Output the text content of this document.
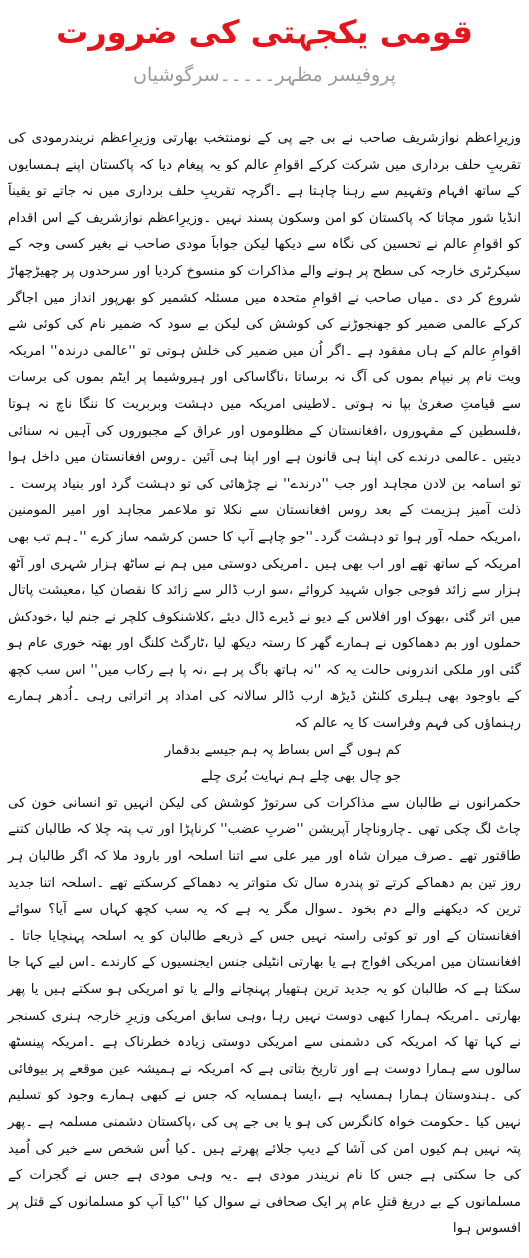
قومی یکجہتی کی ضرورت
پروفیسر مظہر۔۔۔۔۔سرگوشیاں

وزیرِاعظم نوازشریف صاحب نے بی جے پی کے نومنتخب بھارتی وزیرِاعظم نریندرمودی کی تقریبِ حلف برداری میں شرکت کرکے اقوامِ عالم کو یہ پیغام دیا کہ پاکستان اپنے ہمسایوں کے ساتھ افہام وتفہیم سے رہنا چاہتا ہے ۔اگرچہ تقریبِ حلف برداری میں نہ جاتے تو یقیناََ انڈیا شور مچاتا کہ پاکستان کو امن وسکون پسند نہیں ۔وزیرِاعظم نوازشریف کے اس اقدام کو اقوامِ عالم نے تحسین کی نگاہ سے دیکھا لیکن جواباََ مودی صاحب نے بغیر کسی وجہ کے سیکرٹری خارجہ کی سطح پر ہونے والے مذاکرات کو منسوخ کردیا اور سرحدوں پر چھیڑچھاڑ شروع کر دی ۔میاں صاحب نے اقوامِ متحدہ میں مسئلہ کشمیر کو بھرپور انداز میں اجاگر کرکے عالمی ضمیر کو جھنجوڑنے کی کوشش کی لیکن بے سود کہ ضمیر نام کی کوئی شے اقوامِ عالم کے ہاں مفقود ہے ۔اگر اُن میں ضمیر کی خلش ہوتی تو ''عالمی درندہ'' امریکہ ویت نام پر نیپام بموں کی آگ نہ برساتا ،ناگاساکی اور ہیروشیما پر ایٹم بموں کی برسات سے قیامتِ صغریٰ بپا نہ ہوتی ۔لاطینی امریکہ میں دہشت وبربریت کا ننگا ناچ نہ ہوتا ،فلسطین کے مقہوروں ،افغانستان کے مظلوموں اور عراق کے مجبوروں کی آہیں نہ سنائی دیتیں ۔عالمی درندے کی اپنا ہی قانون ہے اور اپنا ہی آئین ۔روس افغانستان میں داخل ہوا تو اسامہ بن لادن مجاہد اور جب ''درندے'' نے چڑھائی کی تو دہشت گرد اور بنیاد پرست ۔ذلت آمیز ہزیمت کے بعد روس افغانستان سے نکلا تو ملاعمر مجاہد اور امیر المومنین ،امریکہ حملہ آور ہوا تو دہشت گرد۔''جو چاہے آپ کا حسن کرشمہ ساز کرے ''۔ہم تب بھی امریکہ کے ساتھ تھے اور اب بھی ہیں ۔امریکی دوستی میں ہم نے ساٹھ ہزار شہری اور آٹھ ہزار سے زائد فوجی جواں شہید کروائے ،سو ارب ڈالر سے زائد کا نقصان کیا ،معیشت پاتال میں اتر گئی ،بھوک اور افلاس کے دیو نے ڈیرے ڈال دیئے ،کلاشنکوف کلچر نے جنم لیا ،خودکش حملوں اور بم دھماکوں نے ہمارے گھر کا رستہ دیکھ لیا ،ٹارگٹ کلنگ اور بھتہ خوری عام ہو گئی اور ملکی اندرونی حالت یہ کہ ''نہ ہاتھ باگ پر ہے ،نہ پا ہے رکاب میں'' اس سب کچھ کے باوجود بھی ہیلری کلنٹن ڈیڑھ ارب ڈالر سالانہ کی امداد پر اتراتی رہی ۔اُدھر ہمارے رہنماؤں کی فہم وفراست کا یہ عالم کہ

کم ہوں گے اس بساط پہ ہم جیسے بدقمار

جو چال بھی چلے ہم نہایت بُری چلے

حکمرانوں نے طالبان سے مذاکرات کی سرتوڑ کوشش کی لیکن انہیں تو انسانی خون کی چاٹ لگ چکی تھی ۔چاروناچار آپریشن ''ضربِ عضب'' کرناپڑا اور تب پتہ چلا کہ طالبان کتنے طاقتور تھے ۔صرف میران شاہ اور میر علی سے اتنا اسلحہ اور بارود ملا کہ اگر طالبان ہر روز تین بم دھماکے کرتے تو پندرہ سال تک متواتر یہ دھماکے کرسکتے تھے ۔اسلحہ اتنا جدید ترین کہ دیکھنے والے دم بخود ۔سوال مگر یہ ہے کہ یہ سب کچھ کہاں سے آیا؟ سوائے افغانستان کے اور تو کوئی راستہ نہیں جس کے ذریعے طالبان کو یہ اسلحہ پہنچایا جاتا ۔افغانستان میں امریکی افواج ہے یا بھارتی انٹیلی جنس ایجنسیوں کے کارندے ۔اس لیے کہا جا سکتا ہے کہ طالبان کو یہ جدید ترین ہتھیار پہنچانے والے یا تو امریکی ہو سکتے ہیں یا پھر بھارتی ۔امریکہ ہمارا کبھی دوست نہیں رہا ،وہی سابق امریکی وزیرِ خارجہ ہنری کسنجر نے کہا تھا کہ امریکہ کی دشمنی سے امریکی دوستی زیادہ خطرناک ہے ۔امریکہ پینسٹھ سالوں سے ہمارا دوست ہے اور تاریخ بتاتی ہے کہ امریکہ نے ہمیشہ عین موقعے پر بیوفائی کی ۔ہندوستان ہمارا ہمسایہ ہے ،ایسا ہمسایہ کہ جس نے کبھی ہمارے وجود کو تسلیم نہیں کیا ۔حکومت خواہ کانگرس کی ہو یا بی جے پی کی ،پاکستان دشمنی مسلمہ ہے ۔پھر پتہ نہیں ہم کیوں امن کی آشا کے دیپ جلائے پھرتے ہیں ۔کیا اُس شخص سے خیر کی اُمید کی جا سکتی ہے جس کا نام نریندر مودی ہے ۔یہ وہی مودی ہے جس نے گجرات کے مسلمانوں کے بے دریغ قتلِ عام پر ایک صحافی نے سوال کیا ''کیا آپ کو مسلمانوں کے قتل پر افسوس ہوا
